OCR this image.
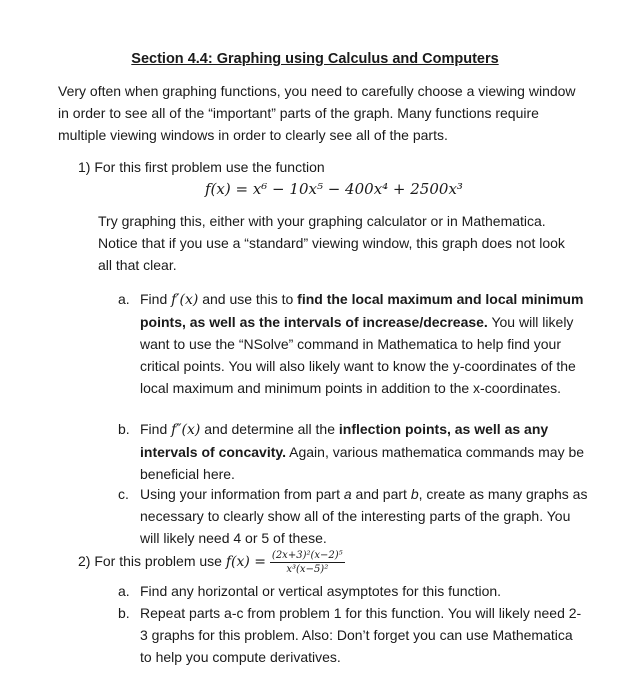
Section 4.4: Graphing using Calculus and Computers
Very often when graphing functions, you need to carefully choose a viewing window in order to see all of the “important” parts of the graph. Many functions require multiple viewing windows in order to clearly see all of the parts.
1) For this first problem use the function
f(x) = x⁶ − 10x⁵ − 400x⁴ + 2500x³
Try graphing this, either with your graphing calculator or in Mathematica. Notice that if you use a “standard” viewing window, this graph does not look all that clear.
a. Find f′(x) and use this to find the local maximum and local minimum points, as well as the intervals of increase/decrease. You will likely want to use the “NSolve” command in Mathematica to help find your critical points. You will also likely want to know the y-coordinates of the local maximum and minimum points in addition to the x-coordinates.
b. Find f″(x) and determine all the inflection points, as well as any intervals of concavity. Again, various mathematica commands may be beneficial here.
c. Using your information from part a and part b, create as many graphs as necessary to clearly show all of the interesting parts of the graph. You will likely need 4 or 5 of these.
2) For this problem use $f(x) = \frac{\text{(2x+3)²(x−2)⁵}}{\text{x³(x−5)²}}$
a. Find any horizontal or vertical asymptotes for this function.
b. Repeat parts a-c from problem 1 for this function. You will likely need 2-3 graphs for this problem. Also: Don’t forget you can use Mathematica to help you compute derivatives.
